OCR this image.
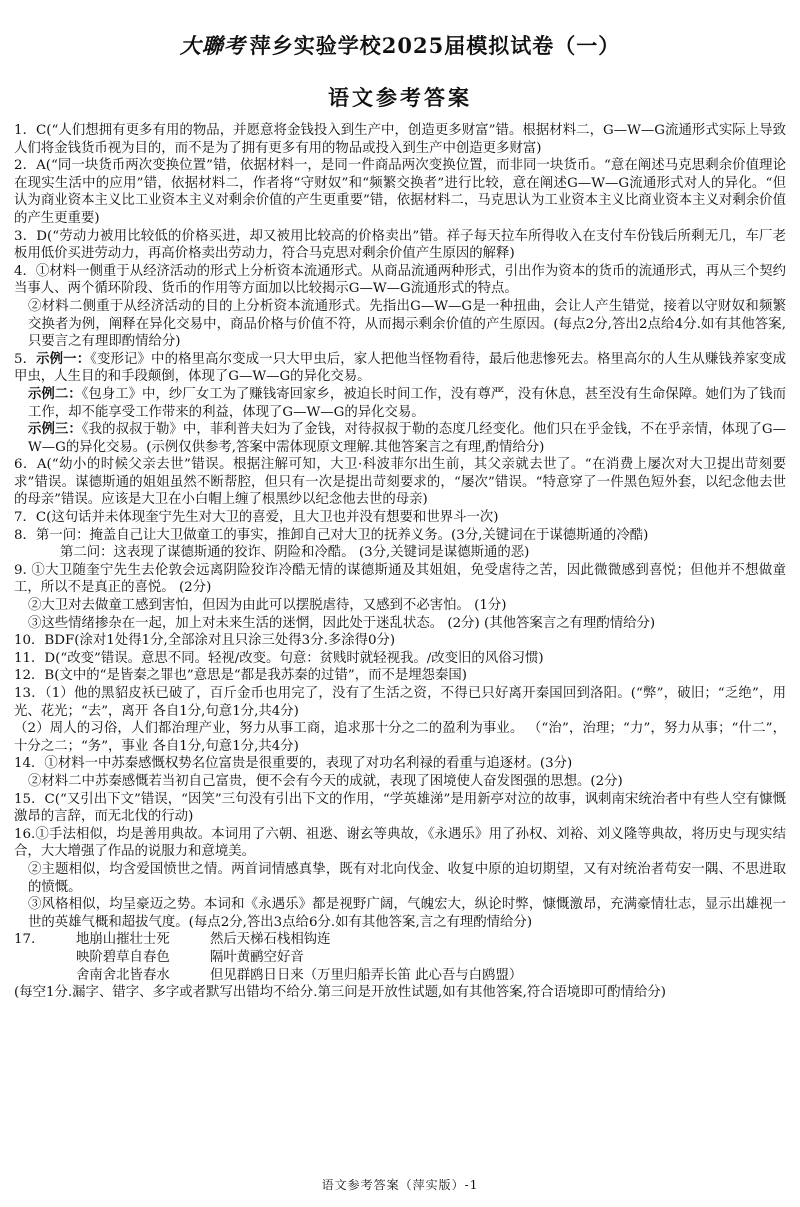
大聯考 萍乡实验学校2025届模拟试卷（一）
语文参考答案

1．C(“人们想拥有更多有用的物品，并愿意将金钱投入到生产中，创造更多财富”错。根据材料二，G—W—G流通形式实际上导致人们将金钱货币视为目的，而不是为了拥有更多有用的物品或投入到生产中创造更多财富)

2．A(“同一块货币两次变换位置”错，依据材料一，是同一件商品两次变换位置，而非同一块货币。“意在阐述马克思剩余价值理论在现实生活中的应用”错，依据材料二，作者将“守财奴”和“频繁交换者”进行比较，意在阐述G—W—G流通形式对人的异化。“但认为商业资本主义比工业资本主义对剩余价值的产生更重要”错，依据材料二，马克思认为工业资本主义比商业资本主义对剩余价值的产生更重要)

3．D(“劳动力被用比较低的价格买进，却又被用比较高的价格卖出”错。祥子每天拉车所得收入在支付车份钱后所剩无几，车厂老板用低价买进劳动力，再高价格卖出劳动力，符合马克思对剩余价值产生原因的解释)

4．①材料一侧重于从经济活动的形式上分析资本流通形式。从商品流通两种形式，引出作为资本的货币的流通形式，再从三个契约当事人、两个循环阶段、货币的作用等方面加以比较揭示G—W—G流通形式的特点。

②材料二侧重于从经济活动的目的上分析资本流通形式。先指出G—W—G是一种扭曲，会让人产生错觉，接着以守财奴和频繁交换者为例，阐释在异化交易中，商品价格与价值不符，从而揭示剩余价值的产生原因。(每点2分,答出2点给4分.如有其他答案,只要言之有理即酌情给分)

5．示例一：《变形记》中的格里高尔变成一只大甲虫后，家人把他当怪物看待，最后他悲惨死去。格里高尔的人生从赚钱养家变成甲虫，人生目的和手段颠倒，体现了G—W—G的异化交易。

示例二：《包身工》中，纱厂女工为了赚钱寄回家乡，被迫长时间工作，没有尊严，没有休息，甚至没有生命保障。她们为了钱而工作，却不能享受工作带来的利益，体现了G—W—G的异化交易。

示例三：《我的叔叔于勒》中，菲利普夫妇为了金钱，对待叔叔于勒的态度几经变化。他们只在乎金钱，不在乎亲情，体现了G—W—G的异化交易。(示例仅供参考,答案中需体现原文理解.其他答案言之有理,酌情给分)

6．A(“幼小的时候父亲去世”错误。根据注解可知，大卫·科波菲尔出生前，其父亲就去世了。“在消费上屡次对大卫提出苛刻要求”错误。谋德斯通的姐姐虽然不断帮腔，但只有一次是提出苛刻要求的，“屡次”错误。“特意穿了一件黑色短外套，以纪念他去世的母亲”错误。应该是大卫在小白帽上缠了根黑纱以纪念他去世的母亲)

7．C(这句话并未体现奎宁先生对大卫的喜爱，且大卫也并没有想要和世界斗一次)

8．第一问：掩盖自己让大卫做童工的事实，推卸自己对大卫的抚养义务。(3分,关键词在于谋德斯通的冷酷)

第二问：这表现了谋德斯通的狡诈、阴险和冷酷。 (3分,关键词是谋德斯通的恶)

9. ①大卫随奎宁先生去伦敦会远离阴险狡诈冷酷无情的谋德斯通及其姐姐，免受虐待之苦，因此微微感到喜悦；但他并不想做童工，所以不是真正的喜悦。 (2分)

②大卫对去做童工感到害怕，但因为由此可以摆脱虐待，又感到不必害怕。 (1分)

③这些情绪掺杂在一起，加上对未来生活的迷惘，因此处于迷乱状态。 (2分) (其他答案言之有理酌情给分)

10．BDF(涂对1处得1分,全部涂对且只涂三处得3分.多涂得0分)

11．D(“改变”错误。意思不同。轻视/改变。句意：贫贱时就轻视我。/改变旧的风俗习惯)

12．B(文中的“是皆秦之罪也”意思是“都是我苏秦的过错”，而不是埋怨秦国)

13．（1）他的黑貂皮袄已破了，百斤金币也用完了，没有了生活之资，不得已只好离开秦国回到洛阳。(“弊”，破旧；“乏绝”，用光、花光；“去”，离开 各自1分,句意1分,共4分)

（2）周人的习俗，人们都治理产业，努力从事工商，追求那十分之二的盈利为事业。 （“治”，治理；“力”，努力从事；“什二”，十分之二；“务”，事业 各自1分,句意1分,共4分)

14．①材料一中苏秦感慨权势名位富贵是很重要的，表现了对功名利禄的看重与追逐材。(3分)

②材料二中苏秦感慨若当初自己富贵，便不会有今天的成就，表现了困境使人奋发图强的思想。(2分)

15．C(“又引出下文”错误，“因笑”三句没有引出下文的作用，“学英雄涕”是用新亭对泣的故事，讽刺南宋统治者中有些人空有慷慨激昂的言辞，而无北伐的行动)

16.①手法相似，均是善用典故。本词用了六朝、祖逖、谢玄等典故，《永遇乐》用了孙权、刘裕、刘义隆等典故，将历史与现实结合，大大增强了作品的说服力和意境美。

②主题相似，均含爱国愤世之情。两首词情感真挚，既有对北向伐金、收复中原的迫切期望，又有对统治者苟安一隅、不思进取的愤慨。

③风格相似，均呈豪迈之势。本词和《永遇乐》都是视野广阔，气魄宏大，纵论时弊，慷慨激昂，充满豪情壮志，显示出雄视一世的英雄气概和超拔气度。(每点2分,答出3点给6分.如有其他答案,言之有理酌情给分)

17.	地崩山摧壮士死	然后天梯石栈相钩连
映阶碧草自春色	隔叶黄鹂空好音
舍南舍北皆春水	但见群鸥日日来（万里归船弄长笛 此心吾与白鸥盟）

(每空1分.漏字、错字、多字或者默写出错均不给分.第三问是开放性试题,如有其他答案,符合语境即可酌情给分)

语文参考答案（萍实版）-1
